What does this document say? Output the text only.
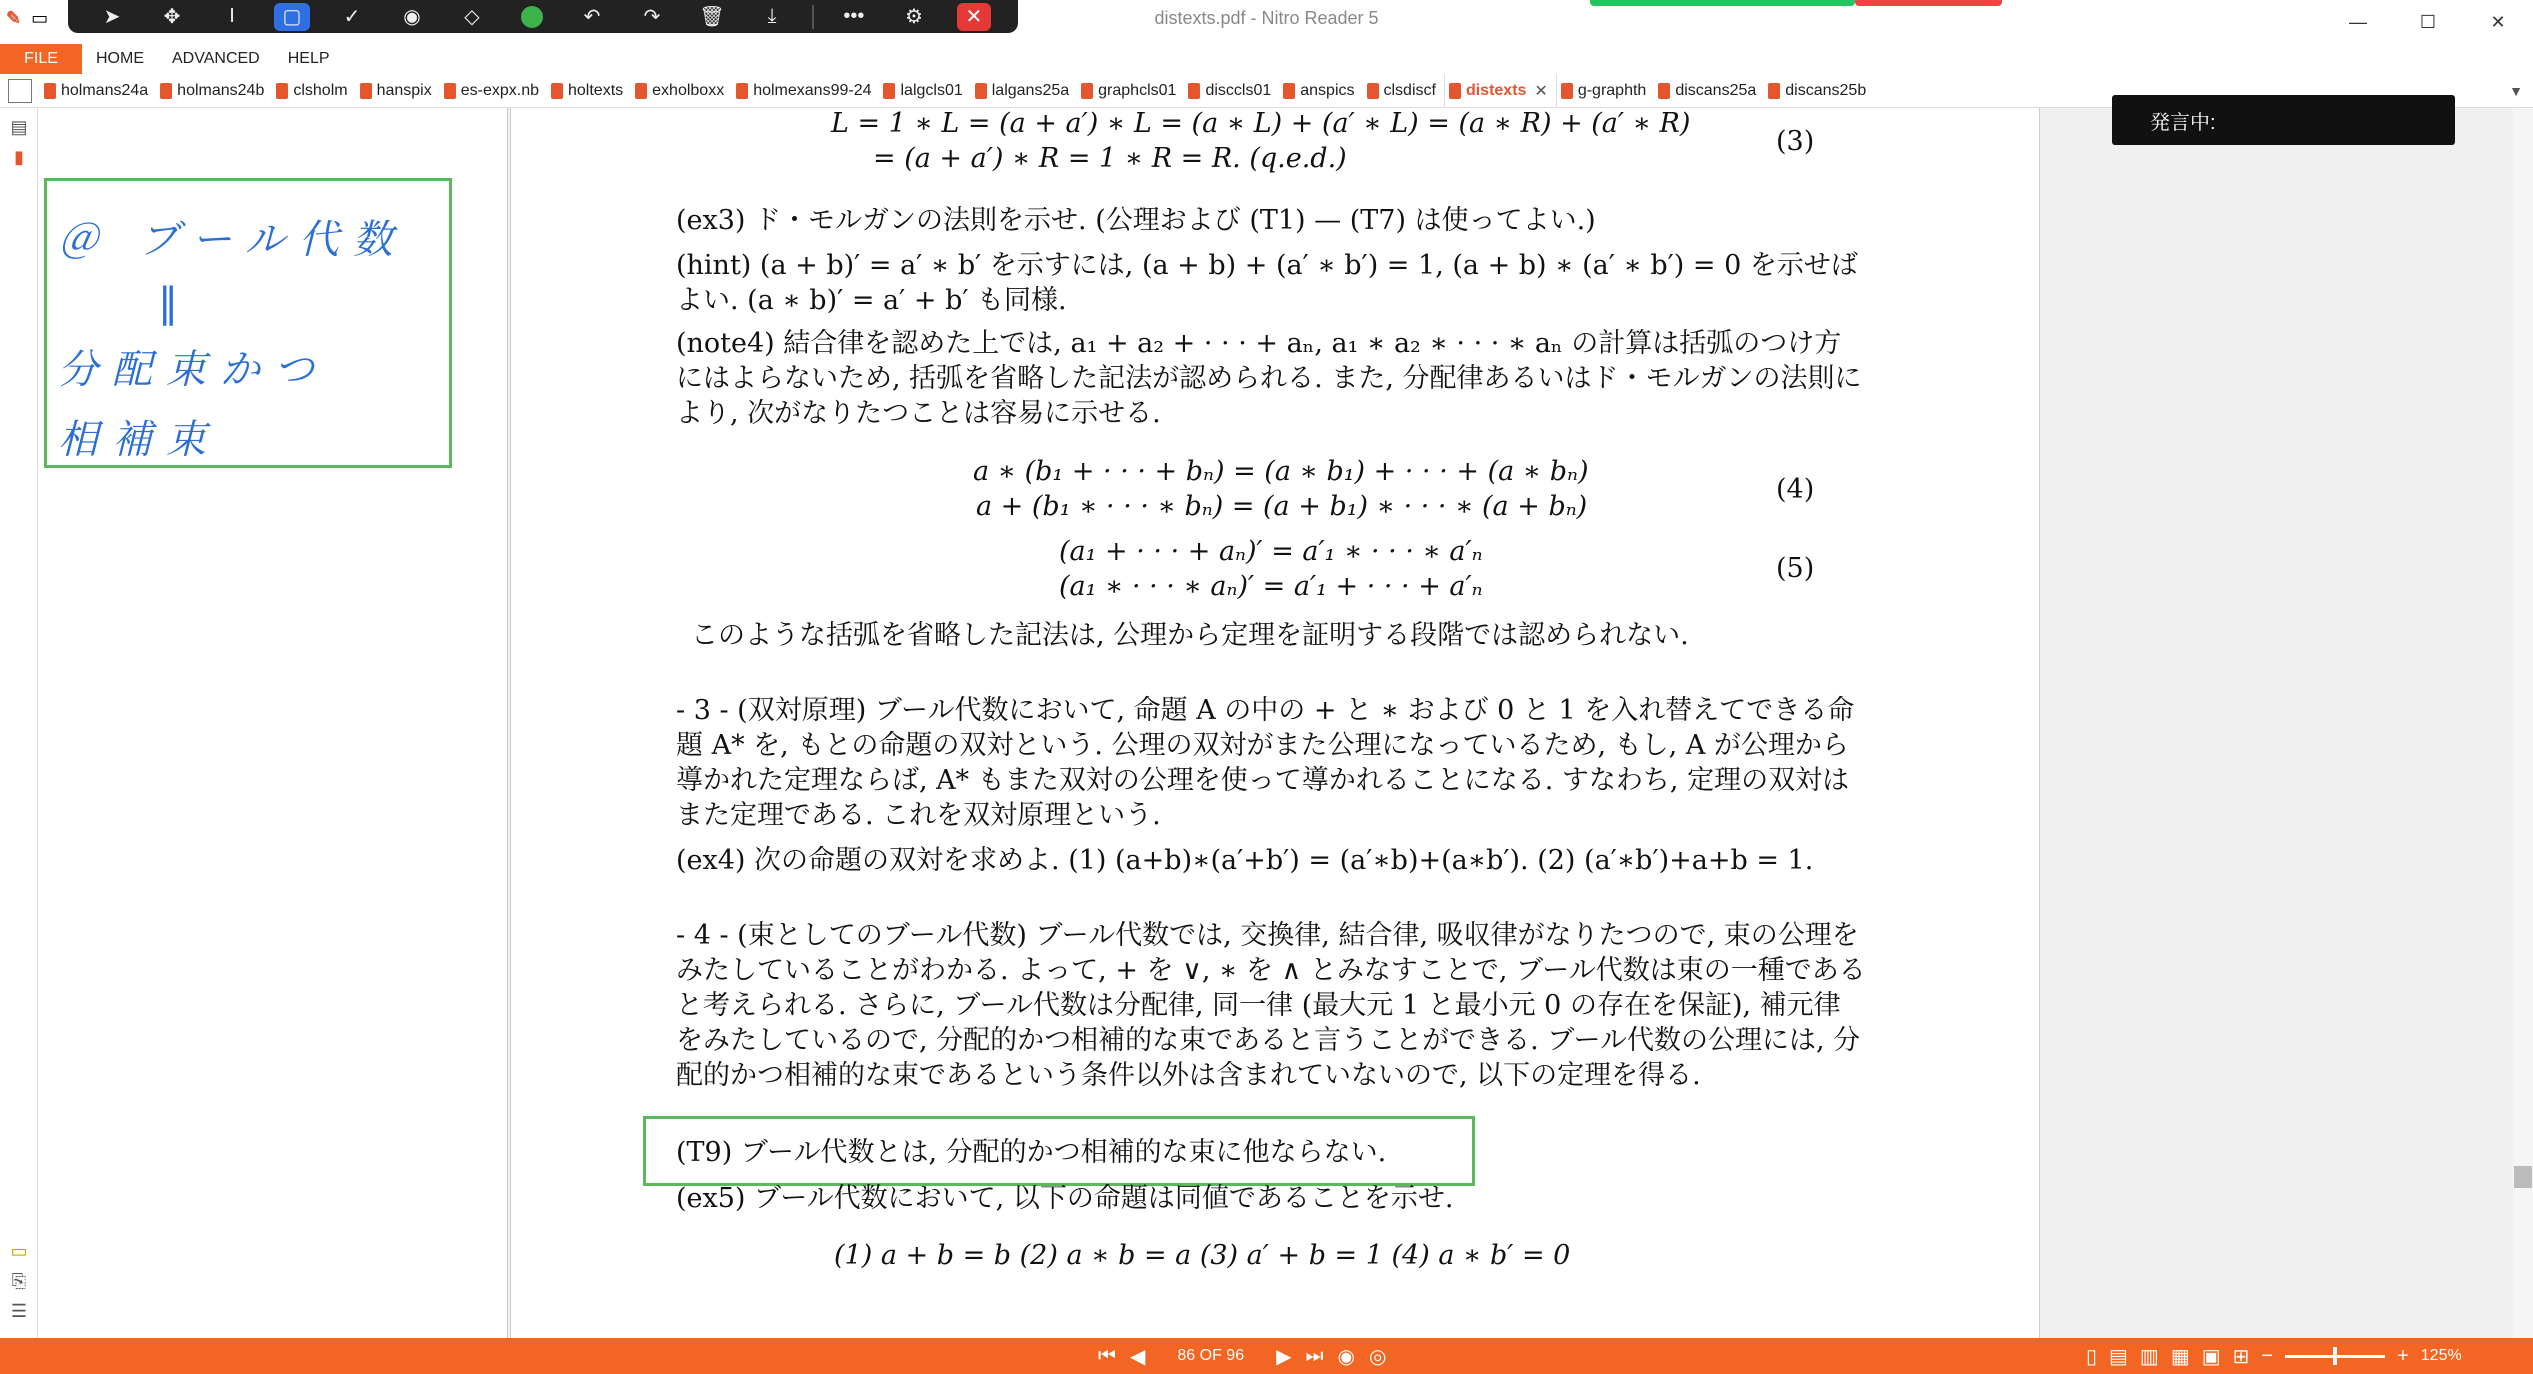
✎ ▭	distexts.pdf - Nitro Reader 5	—	☐	✕
➤ ✥ I ▢ ✓ ◉ ◇	↶ ↷ 🗑 ⤓	••• ⚙ ✕
FILE	HOME	ADVANCED	HELP
holmans24a holmans24b clsholm hanspix es-expx.nb holtexts exholboxx holmexans99-24 lalgcls01 lalgans25a graphcls01 disccls01 anspics clsdiscf distexts ✕ g-graphth discans25a discans25b	▼
▤
▮
▭
⎘
☰
＠ ブール代数
‖
分配束かつ
相補束
L = 1 ∗ L = (a + a′) ∗ L = (a ∗ L) + (a′ ∗ L) = (a ∗ R) + (a′ ∗ R)
= (a + a′) ∗ R = 1 ∗ R = R. (q.e.d.)
(3)
(ex3) ド・モルガンの法則を示せ. (公理および (T1) — (T7) は使ってよい.)
(hint) (a + b)′ = a′ ∗ b′ を示すには, (a + b) + (a′ ∗ b′) = 1, (a + b) ∗ (a′ ∗ b′) = 0 を示せば よい. (a ∗ b)′ = a′ + b′ も同様.
(note4) 結合律を認めた上では, a₁ + a₂ + · · · + aₙ, a₁ ∗ a₂ ∗ · · · ∗ aₙ の計算は括弧のつけ方にはよらないため, 括弧を省略した記法が認められる. また, 分配律あるいはド・モルガンの法則により, 次がなりたつことは容易に示せる.
a ∗ (b₁ + · · · + bₙ) = (a ∗ b₁) + · · · + (a ∗ bₙ)
a + (b₁ ∗ · · · ∗ bₙ) = (a + b₁) ∗ · · · ∗ (a + bₙ)
(4)
(a₁ + · · · + aₙ)′ = a′₁ ∗ · · · ∗ a′ₙ
(a₁ ∗ · · · ∗ aₙ)′ = a′₁ + · · · + a′ₙ
(5)
このような括弧を省略した記法は, 公理から定理を証明する段階では認められない.
- 3 - (双対原理) ブール代数において, 命題 A の中の + と ∗ および 0 と 1 を入れ替えてできる命題 A* を, もとの命題の双対という. 公理の双対がまた公理になっているため, もし, A が公理から導かれた定理ならば, A* もまた双対の公理を使って導かれることになる. すなわち, 定理の双対はまた定理である. これを双対原理という.
(ex4) 次の命題の双対を求めよ. (1) (a+b)∗(a′+b′) = (a′∗b)+(a∗b′). (2) (a′∗b′)+a+b = 1.
- 4 - (束としてのブール代数) ブール代数では, 交換律, 結合律, 吸収律がなりたつので, 束の公理をみたしていることがわかる. よって, + を ∨, ∗ を ∧ とみなすことで, ブール代数は束の一種であると考えられる. さらに, ブール代数は分配律, 同一律 (最大元 1 と最小元 0 の存在を保証), 補元律をみたしているので, 分配的かつ相補的な束であると言うことができる. ブール代数の公理には, 分配的かつ相補的な束であるという条件以外は含まれていないので, 以下の定理を得る.
(T9) ブール代数とは, 分配的かつ相補的な束に他ならない.
(ex5) ブール代数において, 以下の命題は同値であることを示せ.
(1) a + b = b (2) a ∗ b = a (3) a′ + b = 1 (4) a ∗ b′ = 0
発言中:
⏮ ◀ 86 OF 96 ▶ ⏭ ◉ ◎	▯ ▤ ▥ ▦ ▣ ⊞ −	+ 125%
